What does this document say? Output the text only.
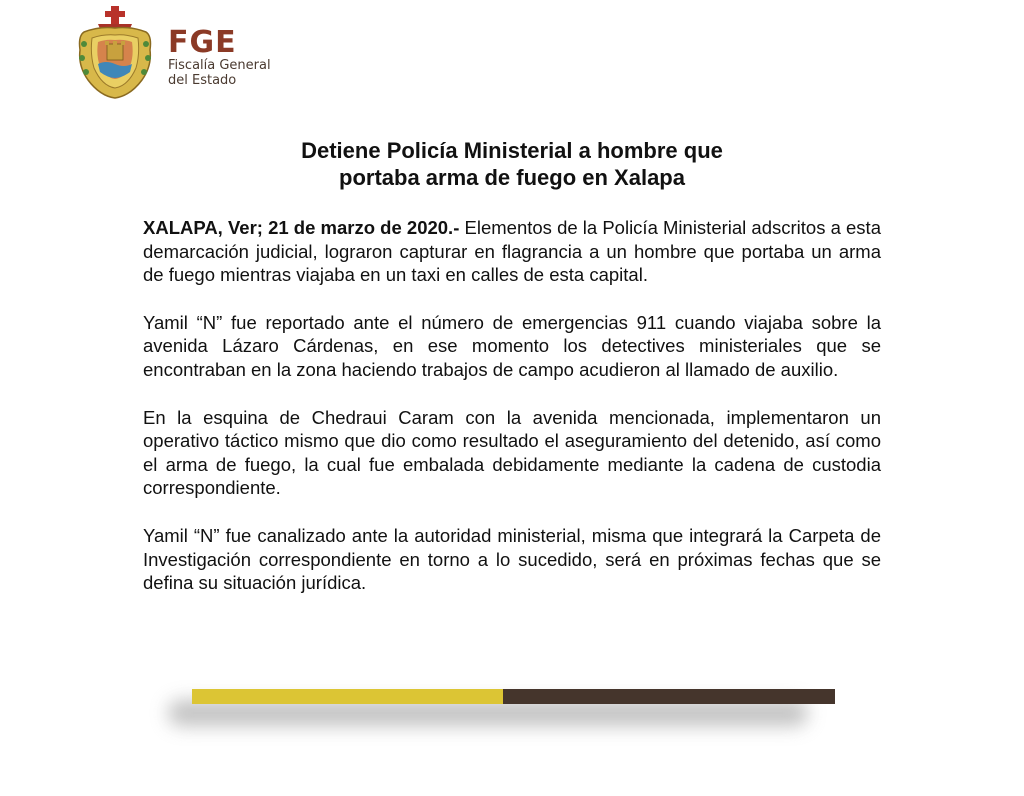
FGE
Fiscalía General
del Estado
Detiene Policía Ministerial a hombre que
portaba arma de fuego en Xalapa

XALAPA, Ver; 21 de marzo de 2020.- Elementos de la Policía Ministerial adscritos a esta demarcación judicial, lograron capturar en flagrancia a un hombre que portaba un arma de fuego mientras viajaba en un taxi en calles de esta capital.

Yamil “N” fue reportado ante el número de emergencias 911 cuando viajaba sobre la avenida Lázaro Cárdenas, en ese momento los detectives ministeriales que se encontraban en la zona haciendo trabajos de campo acudieron al llamado de auxilio.

En la esquina de Chedraui Caram con la avenida mencionada, implementaron un operativo táctico mismo que dio como resultado el aseguramiento del detenido, así como el arma de fuego, la cual fue embalada debidamente mediante la cadena de custodia correspondiente.

Yamil “N” fue canalizado ante la autoridad ministerial, misma que integrará la Carpeta de Investigación correspondiente en torno a lo sucedido, será en próximas fechas que se defina su situación jurídica.
